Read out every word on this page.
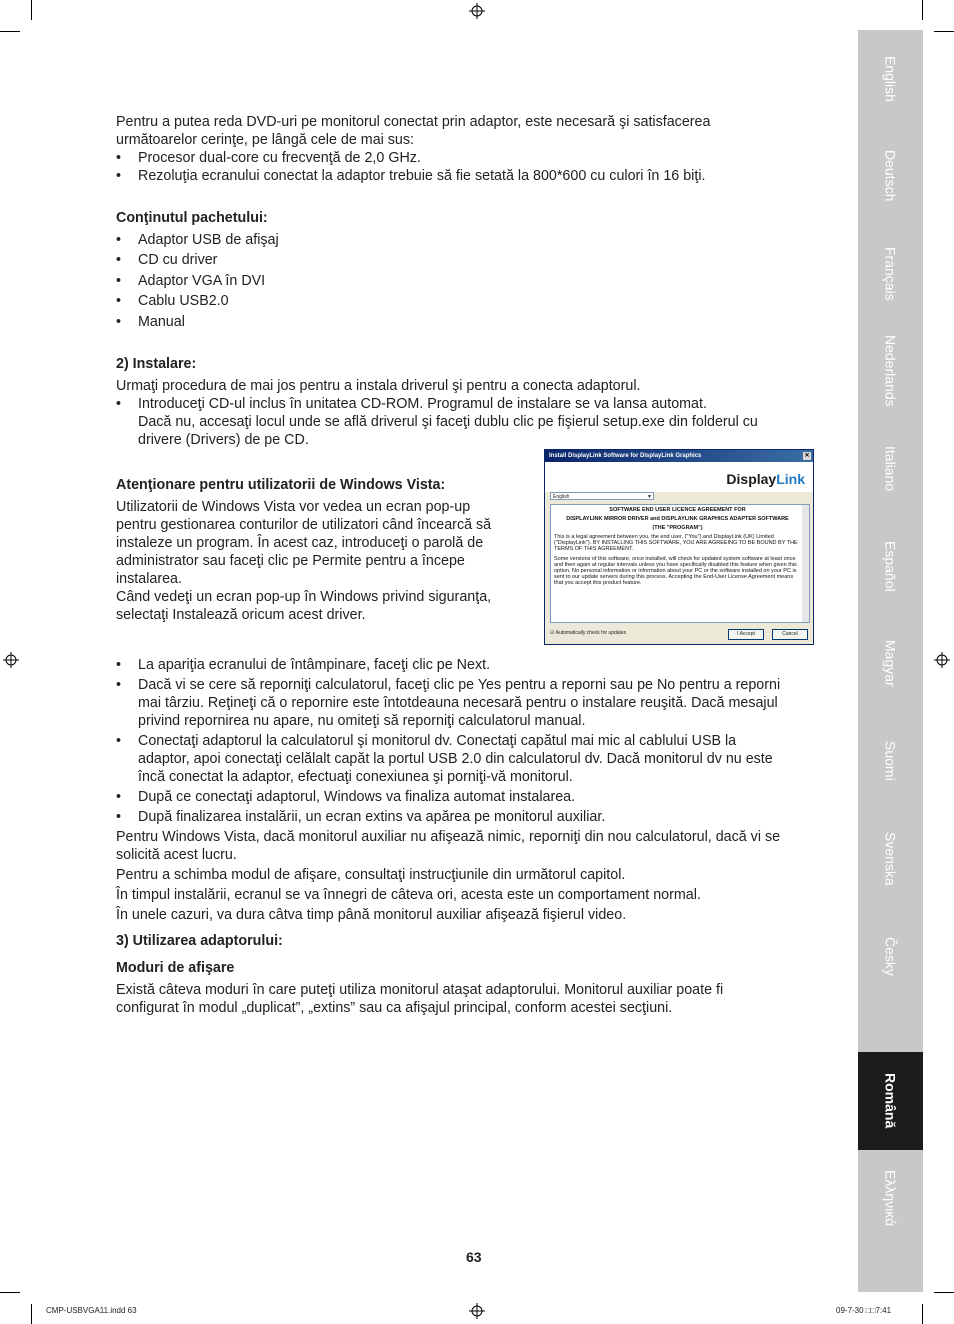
Pentru a putea reda DVD-uri pe monitorul conectat prin adaptor, este necesară şi satisfacerea

următoarelor cerinţe, pe lângă cele de mai sus:

• Procesor dual-core cu frecvenţă de 2,0 GHz.

• Rezoluţia ecranului conectat la adaptor trebuie să fie setată la 800*600 cu culori în 16 biţi.

Conţinutul pachetului:

• Adaptor USB de afişaj

• CD cu driver

• Adaptor VGA în DVI

• Cablu USB2.0

• Manual

2) Instalare:

Urmaţi procedura de mai jos pentru a instala driverul şi pentru a conecta adaptorul.

• Introduceţi CD-ul inclus în unitatea CD-ROM. Programul de instalare se va lansa automat.

Dacă nu, accesaţi locul unde se află driverul şi faceţi dublu clic pe fişierul setup.exe din folderul cu

drivere (Drivers) de pe CD.

Atenţionare pentru utilizatorii de Windows Vista:

Utilizatorii de Windows Vista vor vedea un ecran pop-up

pentru gestionarea conturilor de utilizatori când încearcă să

instaleze un program. În acest caz, introduceţi o parolă de

administrator sau faceţi clic pe Permite pentru a începe

instalarea.

Când vedeţi un ecran pop-up în Windows privind siguranţa,

selectaţi Instalează oricum acest driver.

• La apariţia ecranului de întâmpinare, faceţi clic pe Next.

• Dacă vi se cere să reporniţi calculatorul, faceţi clic pe Yes pentru a reporni sau pe No pentru a reporni

mai târziu. Reţineţi că o repornire este întotdeauna necesară pentru o instalare reuşită. Dacă mesajul

privind repornirea nu apare, nu omiteţi să reporniţi calculatorul manual.

• Conectaţi adaptorul la calculatorul şi monitorul dv. Conectaţi capătul mai mic al cablului USB la

adaptor, apoi conectaţi celălalt capăt la portul USB 2.0 din calculatorul dv. Dacă monitorul dv nu este

încă conectat la adaptor, efectuaţi conexiunea şi porniţi-vă monitorul.

• După ce conectaţi adaptorul, Windows va finaliza automat instalarea.

• După finalizarea instalării, un ecran extins va apărea pe monitorul auxiliar.

Pentru Windows Vista, dacă monitorul auxiliar nu afişează nimic, reporniţi din nou calculatorul, dacă vi se

solicită acest lucru.

Pentru a schimba modul de afişare, consultaţi instrucţiunile din următorul capitol.

În timpul instalării, ecranul se va înnegri de câteva ori, acesta este un comportament normal.

În unele cazuri, va dura câtva timp până monitorul auxiliar afişează fişierul video.

3) Utilizarea adaptorului:

Moduri de afişare

Există câteva moduri în care puteţi utiliza monitorul ataşat adaptorului. Monitorul auxiliar poate fi

configurat în modul „duplicat”, „extins” sau ca afişajul principal, conform acestei secţiuni.

Install DisplayLink Software for DisplayLink Graphics	✕
DisplayLink
English	▼
SOFTWARE END USER LICENCE AGREEMENT FOR
DISPLAYLINK MIRROR DRIVER and DISPLAYLINK GRAPHICS ADAPTER SOFTWARE
(THE "PROGRAM")

This is a legal agreement between you, the end user, ("You") and DisplayLink (UK) Limited ("DisplayLink"). BY INSTALLING THIS SOFTWARE, YOU ARE AGREEING TO BE BOUND BY THE TERMS OF THIS AGREEMENT.

Some versions of this software, once installed, will check for updated system software at least once and then again at regular intervals unless you have specifically disabled this feature when given this option. No personal information or information about your PC or the software installed on your PC is sent to our update servers during this process. Accepting the End-User License Agreement means that you accept this product feature.

☑ Automatically check for updates	I Accept	Cancel
English
Deutsch
Français
Nederlands
Italiano
Español
Magyar
Suomi
Svenska
Česky
Română
Ελληνικά
63
CMP-USBVGA11.indd 63	09-7-30 □□7:41
